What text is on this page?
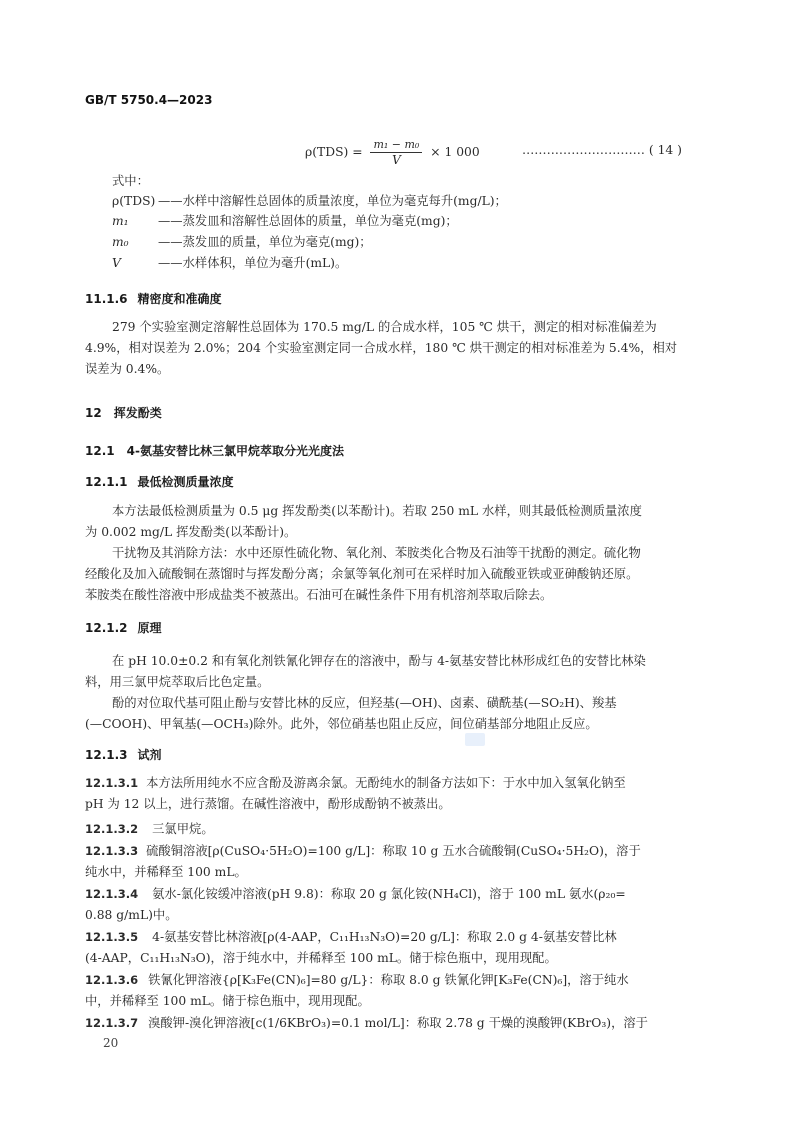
GB/T 5750.4—2023
$\rho(TDS) = \frac{\text{m₁ − m₀}}{V} \times 1$ 000	………………………… ( 14 )
式中：
ρ(TDS) ——水样中溶解性总固体的质量浓度，单位为毫克每升(mg/L)；
m₁ ——蒸发皿和溶解性总固体的质量，单位为毫克(mg)；
m₀ ——蒸发皿的质量，单位为毫克(mg)；
V	——水样体积，单位为毫升(mL)。
11.1.6 精密度和准确度
279 个实验室测定溶解性总固体为 170.5 mg/L 的合成水样，105 ℃ 烘干，测定的相对标准偏差为
4.9%，相对误差为 2.0%；204 个实验室测定同一合成水样，180 ℃ 烘干测定的相对标准差为 5.4%，相对
误差为 0.4%。
12 挥发酚类
12.1 4-氨基安替比林三氯甲烷萃取分光光度法
12.1.1 最低检测质量浓度
本方法最低检测质量为 0.5 μg 挥发酚类(以苯酚计)。若取 250 mL 水样，则其最低检测质量浓度
为 0.002 mg/L 挥发酚类(以苯酚计)。
干扰物及其消除方法：水中还原性硫化物、氧化剂、苯胺类化合物及石油等干扰酚的测定。硫化物
经酸化及加入硫酸铜在蒸馏时与挥发酚分离；余氯等氧化剂可在采样时加入硫酸亚铁或亚砷酸钠还原。
苯胺类在酸性溶液中形成盐类不被蒸出。石油可在碱性条件下用有机溶剂萃取后除去。
12.1.2 原理
在 pH 10.0±0.2 和有氧化剂铁氰化钾存在的溶液中，酚与 4-氨基安替比林形成红色的安替比林染
料，用三氯甲烷萃取后比色定量。
酚的对位取代基可阻止酚与安替比林的反应，但羟基(—OH)、卤素、磺酰基(—SO₂H)、羧基
(—COOH)、甲氧基(—OCH₃)除外。此外，邻位硝基也阻止反应，间位硝基部分地阻止反应。
12.1.3 试剂
12.1.3.1 本方法所用纯水不应含酚及游离余氯。无酚纯水的制备方法如下：于水中加入氢氧化钠至
pH 为 12 以上，进行蒸馏。在碱性溶液中，酚形成酚钠不被蒸出。
12.1.3.2 三氯甲烷。
12.1.3.3 硫酸铜溶液[ρ(CuSO₄·5H₂O)=100 g/L]：称取 10 g 五水合硫酸铜(CuSO₄·5H₂O)，溶于
纯水中，并稀释至 100 mL。
12.1.3.4 氨水-氯化铵缓冲溶液(pH 9.8)：称取 20 g 氯化铵(NH₄Cl)，溶于 100 mL 氨水(ρ₂₀=
0.88 g/mL)中。
12.1.3.5 4-氨基安替比林溶液[ρ(4-AAP，C₁₁H₁₃N₃O)=20 g/L]：称取 2.0 g 4-氨基安替比林
(4-AAP，C₁₁H₁₃N₃O)，溶于纯水中，并稀释至 100 mL。储于棕色瓶中，现用现配。
12.1.3.6 铁氰化钾溶液{ρ[K₃Fe(CN)₆]=80 g/L}：称取 8.0 g 铁氰化钾[K₃Fe(CN)₆]，溶于纯水
中，并稀释至 100 mL。储于棕色瓶中，现用现配。
12.1.3.7 溴酸钾-溴化钾溶液[c(1/6KBrO₃)=0.1 mol/L]：称取 2.78 g 干燥的溴酸钾(KBrO₃)，溶于
20
